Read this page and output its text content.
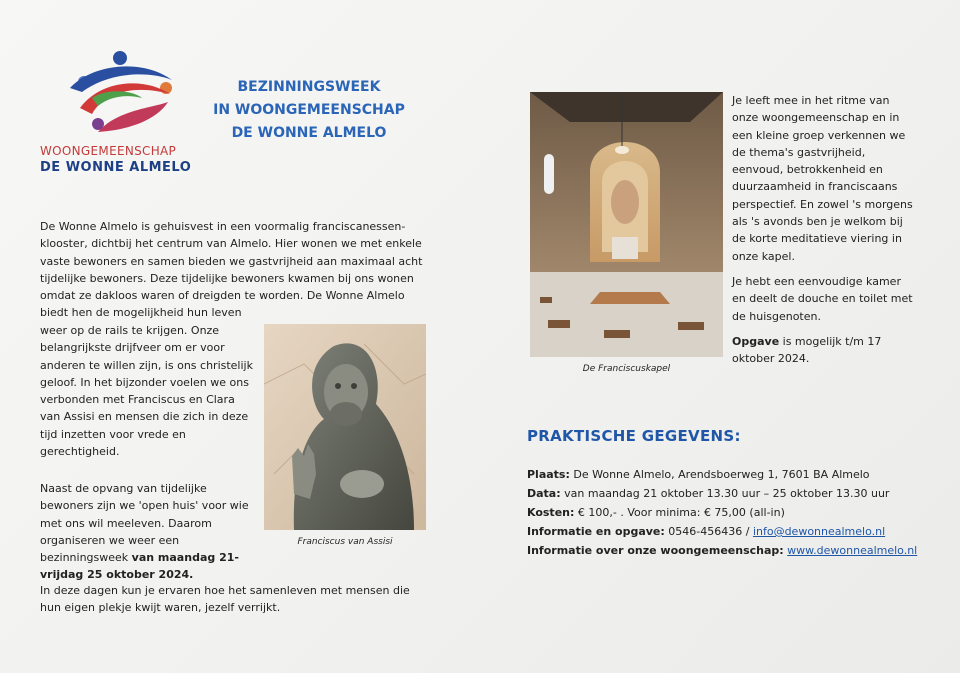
WOONGEMEENSCHAP
DE WONNE ALMELO
BEZINNINGSWEEK
IN WOONGEMEENSCHAP
DE WONNE ALMELO
De Wonne Almelo is gehuisvest in een voormalig franciscanessen-klooster, dichtbij het centrum van Almelo. Hier wonen we met enkele vaste bewoners en samen bieden we gastvrijheid aan maximaal acht tijdelijke bewoners. Deze tijdelijke bewoners kwamen bij ons wonen omdat ze dakloos waren of dreigden te worden. De Wonne Almelo biedt hen de mogelijkheid hun leven
weer op de rails te krijgen. Onze belangrijkste drijfveer om er voor anderen te willen zijn, is ons christelijk geloof. In het bijzonder voelen we ons verbonden met Franciscus en Clara van Assisi en mensen die zich in deze tijd inzetten voor vrede en gerechtigheid.
Franciscus van Assisi
Naast de opvang van tijdelijke bewoners zijn we 'open huis' voor wie met ons wil meeleven. Daarom organiseren we weer een bezinningsweek van maandag 21-vrijdag 25 oktober 2024.
In deze dagen kun je ervaren hoe het samenleven met mensen die hun eigen plekje kwijt waren, jezelf verrijkt.
De Franciscuskapel

Je leeft mee in het ritme van onze woongemeenschap en in een kleine groep verkennen we de thema's gastvrijheid, eenvoud, betrokkenheid en duurzaamheid in franciscaans perspectief. En zowel 's morgens als 's avonds ben je welkom bij de korte meditatieve viering in onze kapel.

Je hebt een eenvoudige kamer en deelt de douche en toilet met de huisgenoten.

Opgave is mogelijk t/m 17 oktober 2024.

PRAKTISCHE GEGEVENS:
Plaats: De Wonne Almelo, Arendsboerweg 1, 7601 BA Almelo
Data: van maandag 21 oktober 13.30 uur – 25 oktober 13.30 uur
Kosten: € 100,- . Voor minima: € 75,00 (all-in)
Informatie en opgave: 0546-456436 / info@dewonnealmelo.nl
Informatie over onze woongemeenschap: www.dewonnealmelo.nl
